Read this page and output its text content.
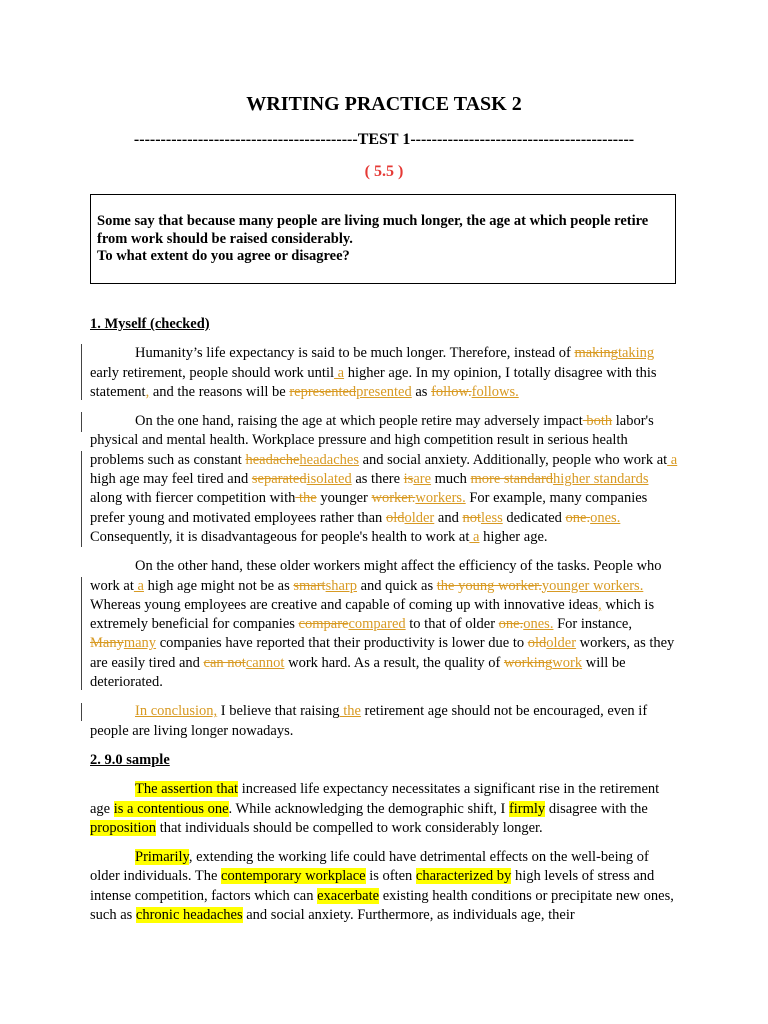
WRITING PRACTICE TASK 2
------------------------------------------TEST 1------------------------------------------
( 5.5 )
Some say that because many people are living much longer, the age at which people retire from work should be raised considerably.
To what extent do you agree or disagree?
1. Myself (checked)

Humanity’s life expectancy is said to be much longer. Therefore, instead of makingtaking early retirement, people should work until a higher age. In my opinion, I totally disagree with this statement, and the reasons will be representedpresented as follow.follows.

On the one hand, raising the age at which people retire may adversely impact both labor's physical and mental health. Workplace pressure and high competition result in serious health problems such as constant headacheheadaches and social anxiety. Additionally, people who work at a high age may feel tired and separatedisolated as there isare much more standardhigher standards along with fiercer competition with the younger worker.workers. For example, many companies prefer young and motivated employees rather than oldolder and notless dedicated one.ones. Consequently, it is disadvantageous for people's health to work at a higher age.

On the other hand, these older workers might affect the efficiency of the tasks. People who work at a high age might not be as smartsharp and quick as the young worker.younger workers. Whereas young employees are creative and capable of coming up with innovative ideas, which is extremely beneficial for companies comparecompared to that of older one.ones. For instance, Manymany companies have reported that their productivity is lower due to oldolder workers, as they are easily tired and can notcannot work hard. As a result, the quality of workingwork will be deteriorated.

In conclusion, I believe that raising the retirement age should not be encouraged, even if people are living longer nowadays.

2. 9.0 sample

The assertion that increased life expectancy necessitates a significant rise in the retirement age is a contentious one. While acknowledging the demographic shift, I firmly disagree with the proposition that individuals should be compelled to work considerably longer.

Primarily, extending the working life could have detrimental effects on the well-being of older individuals. The contemporary workplace is often characterized by high levels of stress and intense competition, factors which can exacerbate existing health conditions or precipitate new ones, such as chronic headaches and social anxiety. Furthermore, as individuals age, their
